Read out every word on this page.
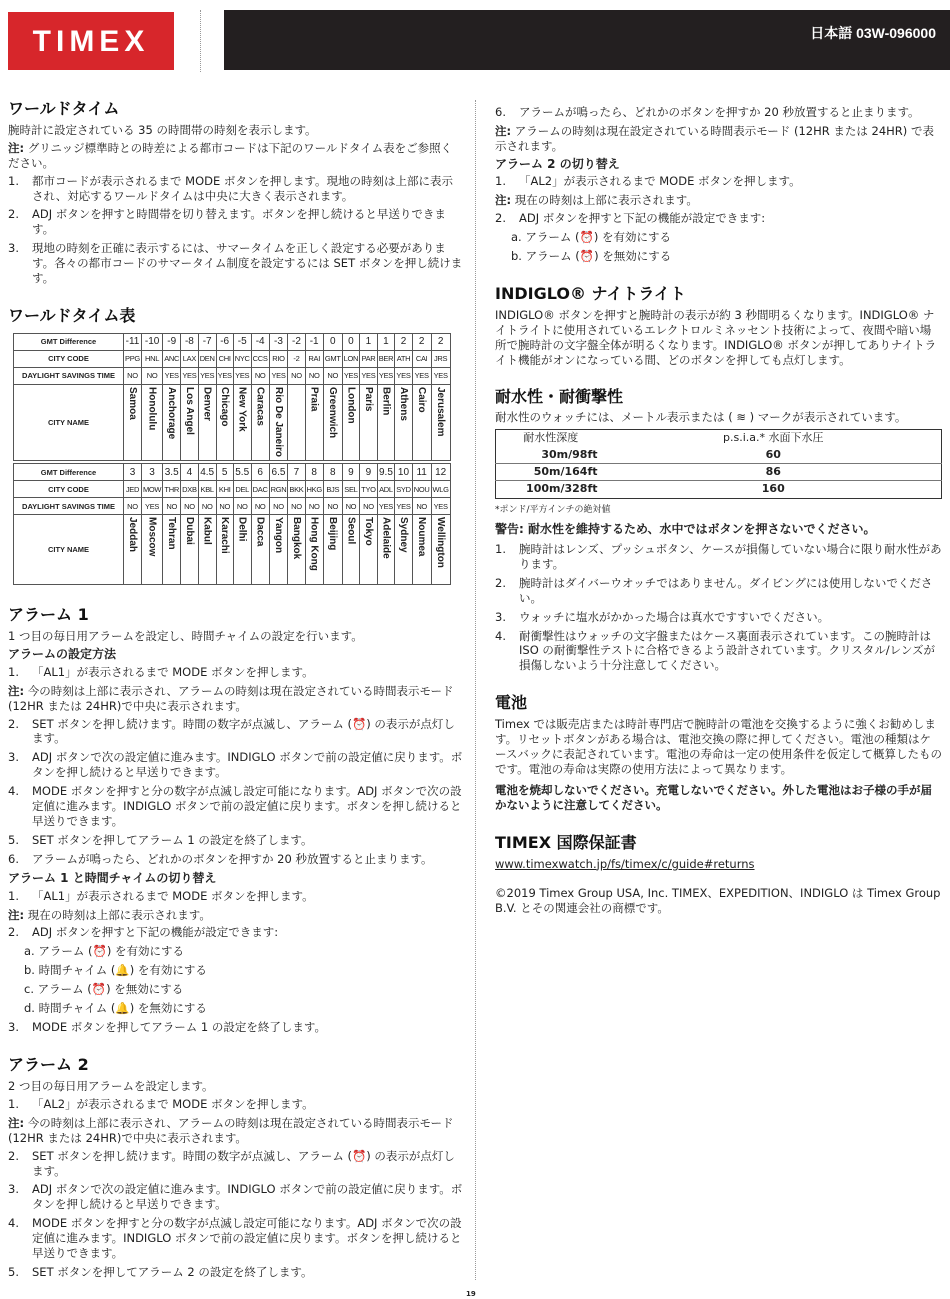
TIMEX	日本語 03W-096000
ワールドタイム

腕時計に設定されている 35 の時間帯の時刻を表示します。

注: グリニッジ標準時との時差による都市コードは下記のワールドタイム表をご参照ください。

1.	都市コードが表示されるまで MODE ボタンを押します。現地の時刻は上部に表示され、対応するワールドタイムは中央に大きく表示されます。
2.	ADJ ボタンを押すと時間帯を切り替えます。ボタンを押し続けると早送りできます。
3.	現地の時刻を正確に表示するには、サマータイムを正しく設定する必要があります。各々の都市コードのサマータイム制度を設定するには SET ボタンを押し続けます。
ワールドタイム表
GMT Difference	-11	-10	-9	-8	-7	-6	-5	-4	-3	-2	-1	0	0	1	1	2	2	2
CITY CODE	PPG	HNL	ANC	LAX	DEN	CHI	NYC	CCS	RIO	-2	RAI	GMT	LON	PAR	BER	ATH	CAI	JRS
DAYLIGHT SAVINGS TIME	NO	NO	YES	YES	YES	YES	YES	NO	YES	NO	NO	NO	YES	YES	YES	YES	YES	YES
CITY NAME	Samoa	Honolulu	Anchorage	Los Angel	Denver	Chicago	New York	Caracas	Rio De Janeiro		Praia	Greenwich	London	Paris	Berlin	Athens	Cairo	Jerusalem

GMT Difference	3	3	3.5	4	4.5	5	5.5	6	6.5	7	8	8	9	9	9.5	10	11	12
CITY CODE	JED	MOW	THR	DXB	KBL	KHI	DEL	DAC	RGN	BKK	HKG	BJS	SEL	TYO	ADL	SYD	NOU	WLG
DAYLIGHT SAVINGS TIME	NO	YES	NO	NO	NO	NO	NO	NO	NO	NO	NO	NO	NO	NO	YES	YES	NO	YES
CITY NAME	Jeddah	Moscow	Tehran	Dubai	Kabul	Karachi	Delhi	Dacca	Yangon	Bangkok	Hong Kong	Beijing	Seoul	Tokyo	Adelaide	Sydney	Noumea	Wellington
アラーム 1

1 つ目の毎日用アラームを設定し、時間チャイムの設定を行います。

アラームの設定方法
1.	「AL1」が表示されるまで MODE ボタンを押します。

注: 今の時刻は上部に表示され、アラームの時刻は現在設定されている時間表示モード (12HR または 24HR)で中央に表示されます。

2.	SET ボタンを押し続けます。時間の数字が点滅し、アラーム (⏰) の表示が点灯します。
3.	ADJ ボタンで次の設定値に進みます。INDIGLO ボタンで前の設定値に戻ります。ボタンを押し続けると早送りできます。
4.	MODE ボタンを押すと分の数字が点滅し設定可能になります。ADJ ボタンで次の設定値に進みます。INDIGLO ボタンで前の設定値に戻ります。ボタンを押し続けると早送りできます。
5.	SET ボタンを押してアラーム 1 の設定を終了します。
6.	アラームが鳴ったら、どれかのボタンを押すか 20 秒放置すると止まります。
アラーム 1 と時間チャイムの切り替え
1.	「AL1」が表示されるまで MODE ボタンを押します。

注: 現在の時刻は上部に表示されます。

2.	ADJ ボタンを押すと下記の機能が設定できます:
a. アラーム (⏰) を有効にする
b. 時間チャイム (🔔) を有効にする
c. アラーム (⏰) を無効にする
d. 時間チャイム (🔔) を無効にする
3.	MODE ボタンを押してアラーム 1 の設定を終了します。
アラーム 2

2 つ目の毎日用アラームを設定します。

1.	「AL2」が表示されるまで MODE ボタンを押します。

注: 今の時刻は上部に表示され、アラームの時刻は現在設定されている時間表示モード (12HR または 24HR)で中央に表示されます。

2.	SET ボタンを押し続けます。時間の数字が点滅し、アラーム (⏰) の表示が点灯します。
3.	ADJ ボタンで次の設定値に進みます。INDIGLO ボタンで前の設定値に戻ります。ボタンを押し続けると早送りできます。
4.	MODE ボタンを押すと分の数字が点滅し設定可能になります。ADJ ボタンで次の設定値に進みます。INDIGLO ボタンで前の設定値に戻ります。ボタンを押し続けると早送りできます。
5.	SET ボタンを押してアラーム 2 の設定を終了します。
6.	アラームが鳴ったら、どれかのボタンを押すか 20 秒放置すると止まります。

注: アラームの時刻は現在設定されている時間表示モード (12HR または 24HR) で表示されます。

アラーム 2 の切り替え
1.	「AL2」が表示されるまで MODE ボタンを押します。

注: 現在の時刻は上部に表示されます。

2.	ADJ ボタンを押すと下記の機能が設定できます:
a. アラーム (⏰) を有効にする
b. アラーム (⏰) を無効にする
INDIGLO® ナイトライト

INDIGLO® ボタンを押すと腕時計の表示が約 3 秒間明るくなります。INDIGLO® ナイトライトに使用されているエレクトロルミネッセント技術によって、夜間や暗い場所で腕時計の文字盤全体が明るくなります。INDIGLO® ボタンが押してありナイトライト機能がオンになっている間、どのボタンを押しても点灯します。

耐水性・耐衝撃性

耐水性のウォッチには、メートル表示または ( ≋ ) マークが表示されています。

耐水性深度	p.s.i.a.* 水面下水圧
30m/98ft	60
50m/164ft	86
100m/328ft	160

*ポンド/平方インチの絶対値

警告: 耐水性を維持するため、水中ではボタンを押さないでください。

1.	腕時計はレンズ、プッシュボタン、ケースが損傷していない場合に限り耐水性があります。
2.	腕時計はダイバーウオッチではありません。ダイビングには使用しないでください。
3.	ウォッチに塩水がかかった場合は真水ですすいでください。
4.	耐衝撃性はウォッチの文字盤またはケース裏面表示されています。この腕時計は ISO の耐衝撃性テストに合格できるよう設計されています。クリスタル/レンズが損傷しないよう十分注意してください。
電池

Timex では販売店または時計専門店で腕時計の電池を交換するように強くお勧めします。リセットボタンがある場合は、電池交換の際に押してください。電池の種類はケースバックに表記されています。電池の寿命は一定の使用条件を仮定して概算したものです。電池の寿命は実際の使用方法によって異なります。

電池を焼却しないでください。充電しないでください。外した電池はお子様の手が届かないように注意してください。

TIMEX 国際保証書
www.timexwatch.jp/fs/timex/c/guide#returns

©2019 Timex Group USA, Inc. TIMEX、EXPEDITION、INDIGLO は Timex Group B.V. とその関連会社の商標です。

19
